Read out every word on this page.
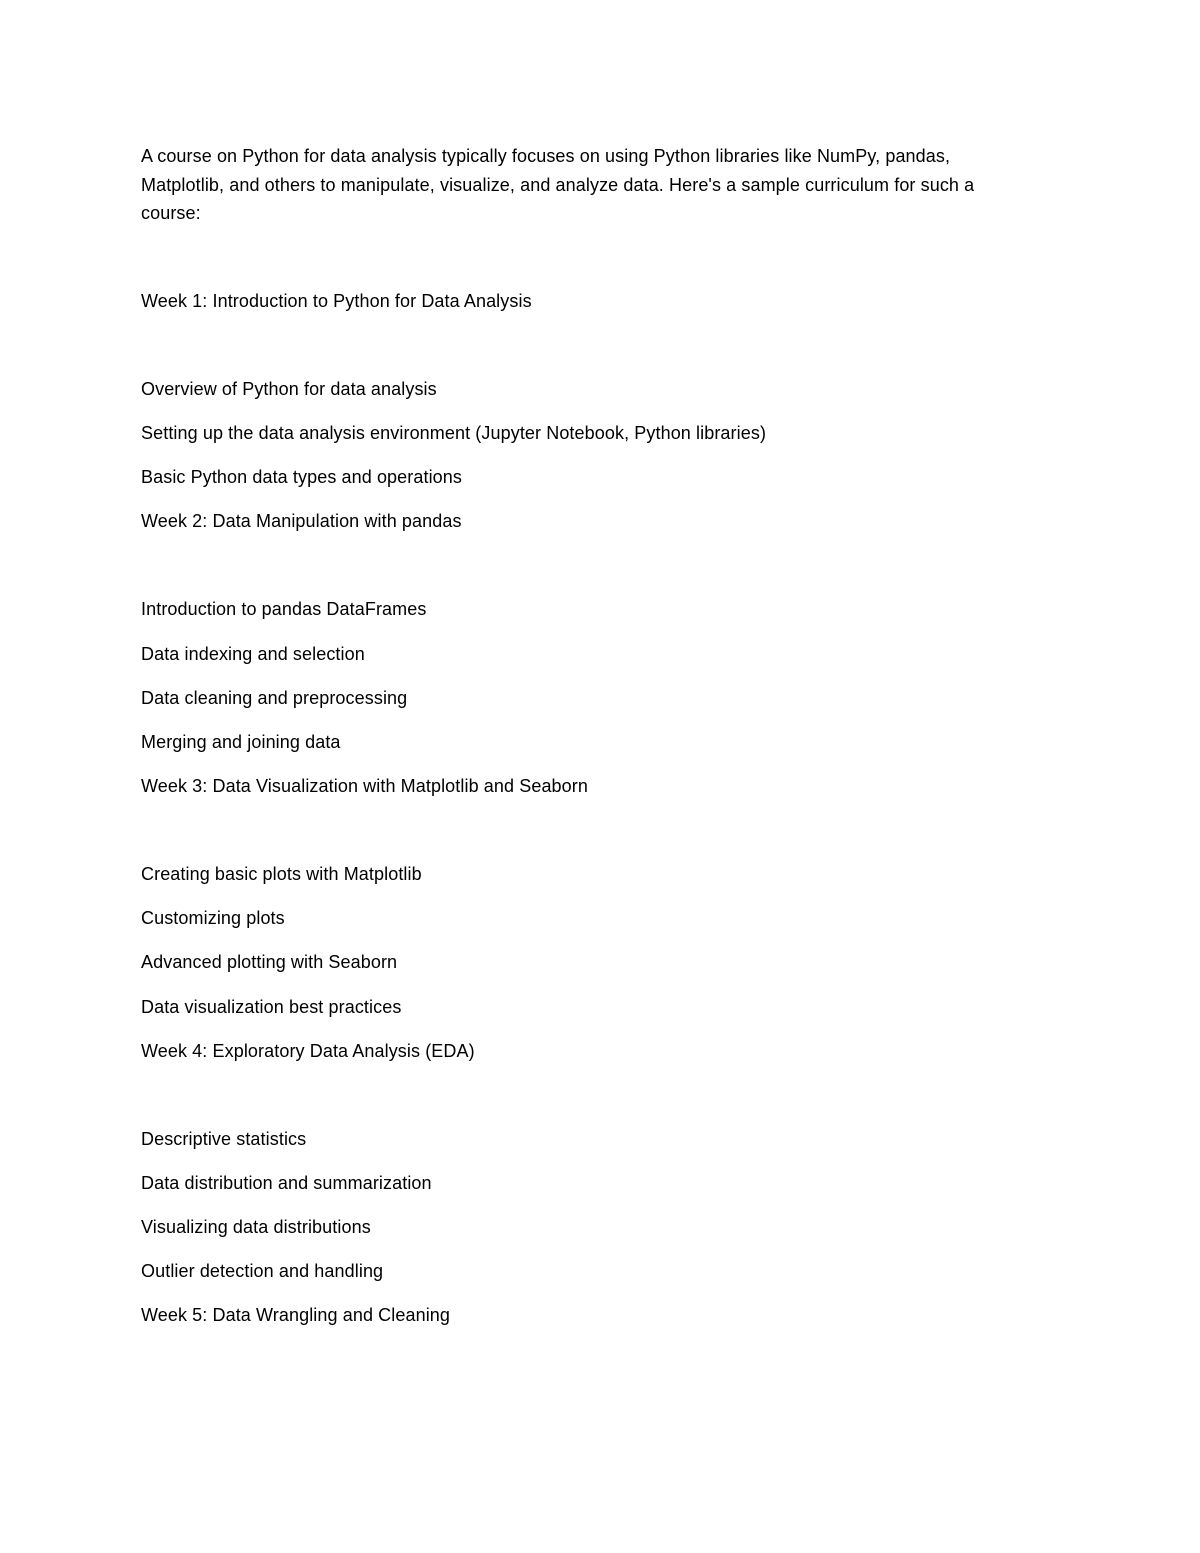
A course on Python for data analysis typically focuses on using Python libraries like NumPy, pandas,

Matplotlib, and others to manipulate, visualize, and analyze data. Here's a sample curriculum for such a

course:

Week 1: Introduction to Python for Data Analysis

Overview of Python for data analysis

Setting up the data analysis environment (Jupyter Notebook, Python libraries)

Basic Python data types and operations

Week 2: Data Manipulation with pandas

Introduction to pandas DataFrames

Data indexing and selection

Data cleaning and preprocessing

Merging and joining data

Week 3: Data Visualization with Matplotlib and Seaborn

Creating basic plots with Matplotlib

Customizing plots

Advanced plotting with Seaborn

Data visualization best practices

Week 4: Exploratory Data Analysis (EDA)

Descriptive statistics

Data distribution and summarization

Visualizing data distributions

Outlier detection and handling

Week 5: Data Wrangling and Cleaning
